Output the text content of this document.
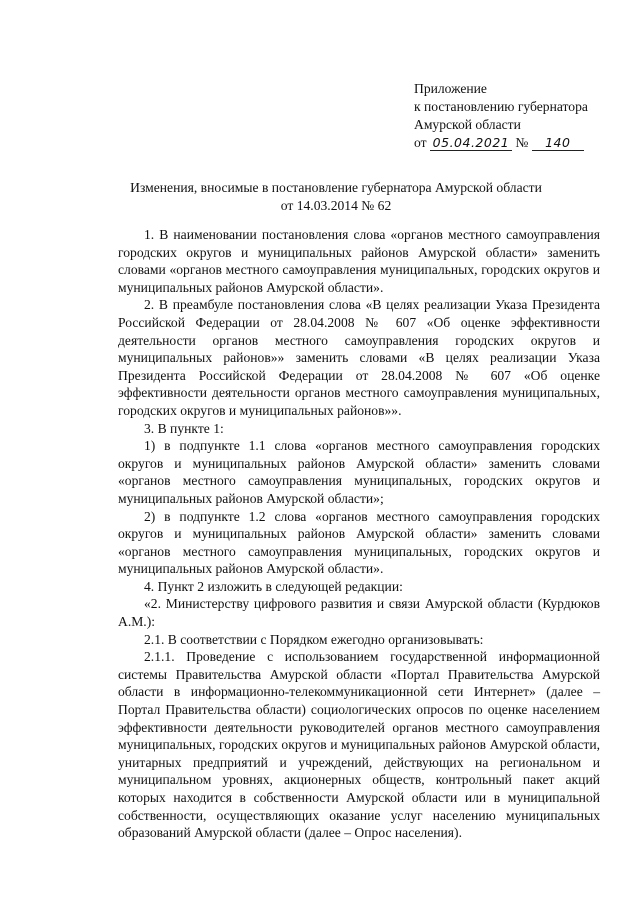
Приложение
к постановлению губернатора
Амурской области
от 05.04.2021 № 140
Изменения, вносимые в постановление губернатора Амурской области
от 14.03.2014 № 62

1. В наименовании постановления слова «органов местного самоуправления городских округов и муниципальных районов Амурской области» заменить словами «органов местного самоуправления муниципальных, городских округов и муниципальных районов Амурской области».

2. В преамбуле постановления слова «В целях реализации Указа Президента Российской Федерации от 28.04.2008 № 607 «Об оценке эффективности деятельности органов местного самоуправления городских округов и муниципальных районов»» заменить словами «В целях реализации Указа Президента Российской Федерации от 28.04.2008 № 607 «Об оценке эффективности деятельности органов местного самоуправления муниципальных, городских округов и муниципальных районов»».

3. В пункте 1:

1) в подпункте 1.1 слова «органов местного самоуправления городских округов и муниципальных районов Амурской области» заменить словами «органов местного самоуправления муниципальных, городских округов и муниципальных районов Амурской области»;

2) в подпункте 1.2 слова «органов местного самоуправления городских округов и муниципальных районов Амурской области» заменить словами «органов местного самоуправления муниципальных, городских округов и муниципальных районов Амурской области».

4. Пункт 2 изложить в следующей редакции:

«2. Министерству цифрового развития и связи Амурской области (Курдюков А.М.):

2.1. В соответствии с Порядком ежегодно организовывать:

2.1.1. Проведение с использованием государственной информационной системы Правительства Амурской области «Портал Правительства Амурской области в информационно-телекоммуникационной сети Интернет» (далее – Портал Правительства области) социологических опросов по оценке населением эффективности деятельности руководителей органов местного самоуправления муниципальных, городских округов и муниципальных районов Амурской области, унитарных предприятий и учреждений, действующих на региональном и муниципальном уровнях, акционерных обществ, контрольный пакет акций которых находится в собственности Амурской области или в муниципальной собственности, осуществляющих оказание услуг населению муниципальных образований Амурской области (далее – Опрос населения).
